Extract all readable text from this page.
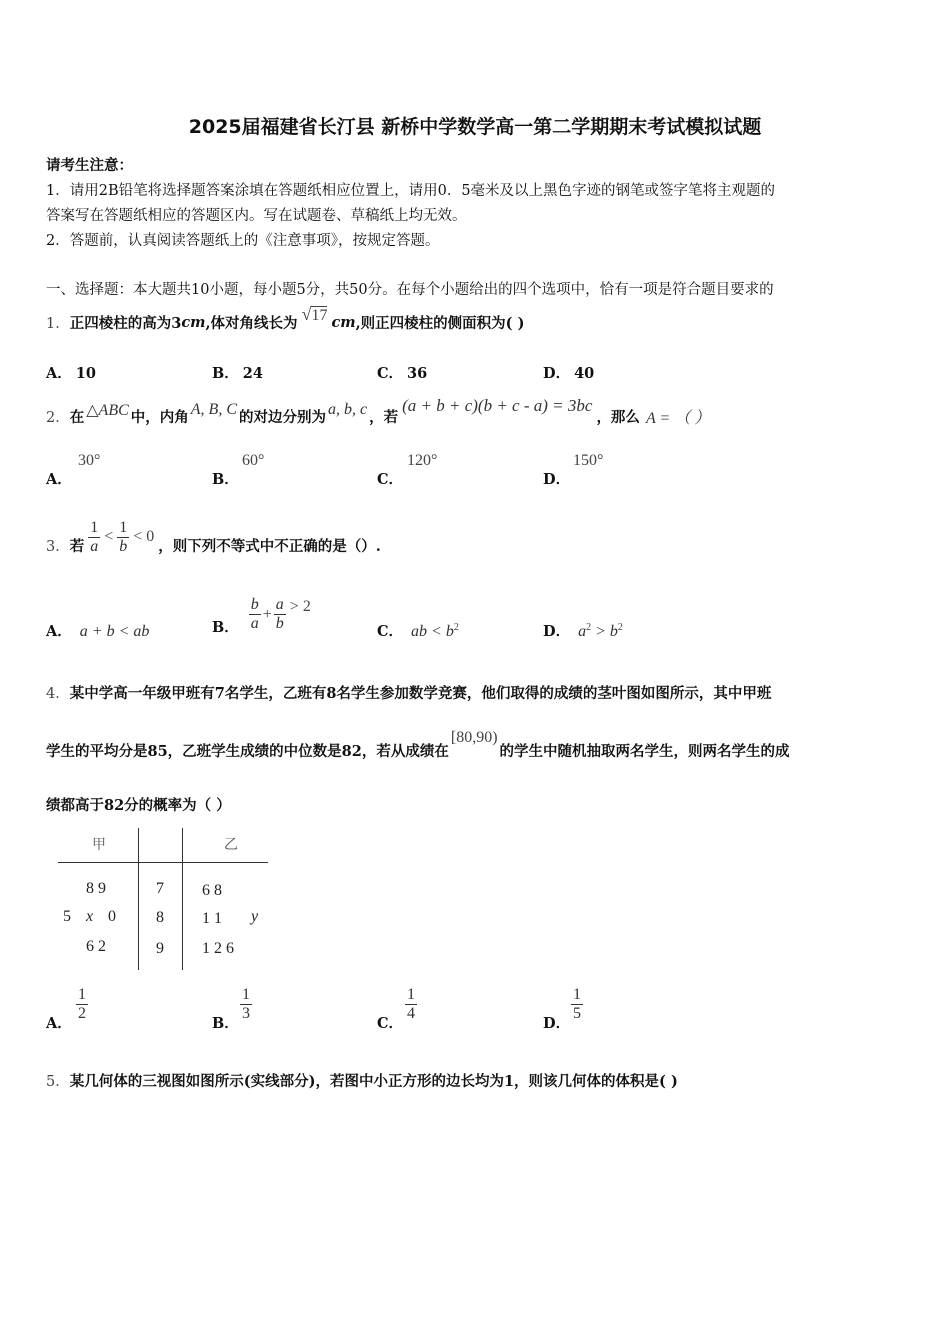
2025届福建省长汀县 新桥中学数学高一第二学期期末考试模拟试题
请考生注意：
1．请用2B铅笔将选择题答案涂填在答题纸相应位置上，请用0．5毫米及以上黑色字迹的钢笔或签字笔将主观题的
答案写在答题纸相应的答题区内。写在试题卷、草稿纸上均无效。
2．答题前，认真阅读答题纸上的《注意事项》，按规定答题。
一、选择题：本大题共10小题，每小题5分，共50分。在每个小题给出的四个选项中，恰有一项是符合题目要求的
1． 正四棱柱的高为3 cm ,体对角线长为 √17 cm ,则正四棱柱的侧面积为( )
A． 10	B． 24	C． 36	D． 40
2． 在 △ABC 中，内角 A, B, C 的对边分别为 a, b, c ，若
(a + b + c)(b + c - a) = 3bc
，那么 A = （ ）
A．
30°
B．
60°
C．
120°
D．
150°
3． 若 $\frac{1}{a} < \frac{1}{b} < 0$
，则下列不等式中不正确的是（）.
A． a + b < ab	B． $\frac{b}{a} + \frac{a}{b} > 2$
C． ab < $b^2$	D． $a^2 > b^2$
4．某中学高一年级甲班有7名学生，乙班有8名学生参加数学竞赛，他们取得的成绩的茎叶图如图所示，其中甲班
学生的平均分是85，乙班学生成绩的中位数是82，若从成绩在
[80,90)
的学生中随机抽取两名学生，则两名学生的成
绩都高于82分的概率为（ ）
甲	乙
8 9	7 6 8
5 x 0	8 1 1 y
6 2	9 1 2 6
A．
$\frac{1}{2}$
B．
$\frac{1}{3}$
C．
$\frac{1}{4}$
D．
$\frac{1}{5}$
5．某几何体的三视图如图所示(实线部分)，若图中小正方形的边长均为1，则该几何体的体积是( )
